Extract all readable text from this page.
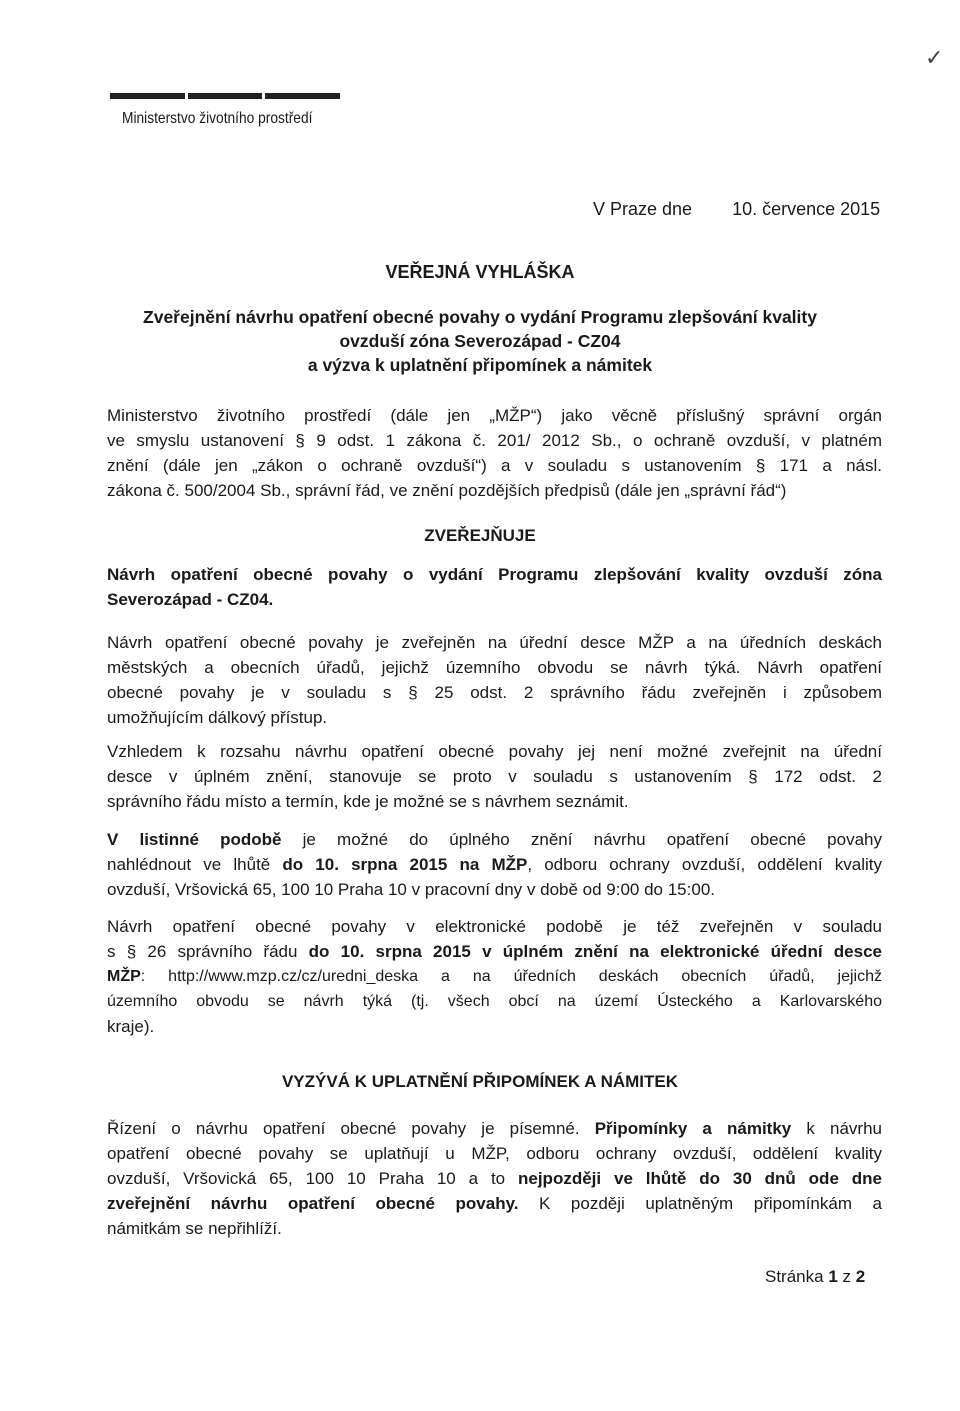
Ministerstvo životního prostředí
✓
V Praze dne 10. července 2015
VEŘEJNÁ VYHLÁŠKA
Zveřejnění návrhu opatření obecné povahy o vydání Programu zlepšování kvality
ovzduší zóna Severozápad - CZ04
a výzva k uplatnění připomínek a námitek
Ministerstvo životního prostředí (dále jen „MŽP“) jako věcně příslušný správní orgán
ve smyslu ustanovení § 9 odst. 1 zákona č. 201/ 2012 Sb., o ochraně ovzduší, v platném
znění (dále jen „zákon o ochraně ovzduší“) a v souladu s ustanovením § 171 a násl.
zákona č. 500/2004 Sb., správní řád, ve znění pozdějších předpisů (dále jen „správní řád“)
ZVEŘEJŇUJE
Návrh opatření obecné povahy o vydání Programu zlepšování kvality ovzduší zóna
Severozápad - CZ04.
Návrh opatření obecné povahy je zveřejněn na úřední desce MŽP a na úředních deskách
městských a obecních úřadů, jejichž územního obvodu se návrh týká. Návrh opatření
obecné povahy je v souladu s § 25 odst. 2 správního řádu zveřejněn i způsobem
umožňujícím dálkový přístup.
Vzhledem k rozsahu návrhu opatření obecné povahy jej není možné zveřejnit na úřední
desce v úplném znění, stanovuje se proto v souladu s ustanovením § 172 odst. 2
správního řádu místo a termín, kde je možné se s návrhem seznámit.
V listinné podobě je možné do úplného znění návrhu opatření obecné povahy
nahlédnout ve lhůtě do 10. srpna 2015 na MŽP, odboru ochrany ovzduší, oddělení kvality
ovzduší, Vršovická 65, 100 10 Praha 10 v pracovní dny v době od 9:00 do 15:00.
Návrh opatření obecné povahy v elektronické podobě je též zveřejněn v souladu
s § 26 správního řádu do 10. srpna 2015 v úplném znění na elektronické úřední desce
MŽP: http://www.mzp.cz/cz/uredni_deska a na úředních deskách obecních úřadů, jejichž
územního obvodu se návrh týká (tj. všech obcí na území Ústeckého a Karlovarského
kraje).
VYZÝVÁ K UPLATNĚNÍ PŘIPOMÍNEK A NÁMITEK
Řízení o návrhu opatření obecné povahy je písemné. Připomínky a námitky k návrhu
opatření obecné povahy se uplatňují u MŽP, odboru ochrany ovzduší, oddělení kvality
ovzduší, Vršovická 65, 100 10 Praha 10 a to nejpozději ve lhůtě do 30 dnů ode dne
zveřejnění návrhu opatření obecné povahy. K později uplatněným připomínkám a
námitkám se nepřihlíží.
Stránka 1 z 2
